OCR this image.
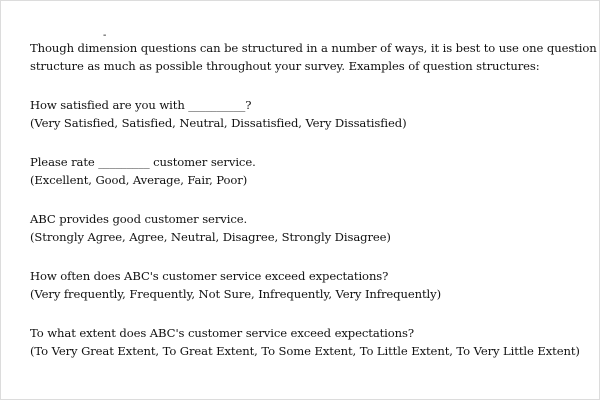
-

Though dimension questions can be structured in a number of ways, it is best to use one question

structure as much as possible throughout your survey. Examples of question structures:

How satisfied are you with __________?

(Very Satisfied, Satisfied, Neutral, Dissatisfied, Very Dissatisfied)

Please rate _________ customer service.

(Excellent, Good, Average, Fair, Poor)

ABC provides good customer service.

(Strongly Agree, Agree, Neutral, Disagree, Strongly Disagree)

How often does ABC's customer service exceed expectations?

(Very frequently, Frequently, Not Sure, Infrequently, Very Infrequently)

To what extent does ABC's customer service exceed expectations?

(To Very Great Extent, To Great Extent, To Some Extent, To Little Extent, To Very Little Extent)
